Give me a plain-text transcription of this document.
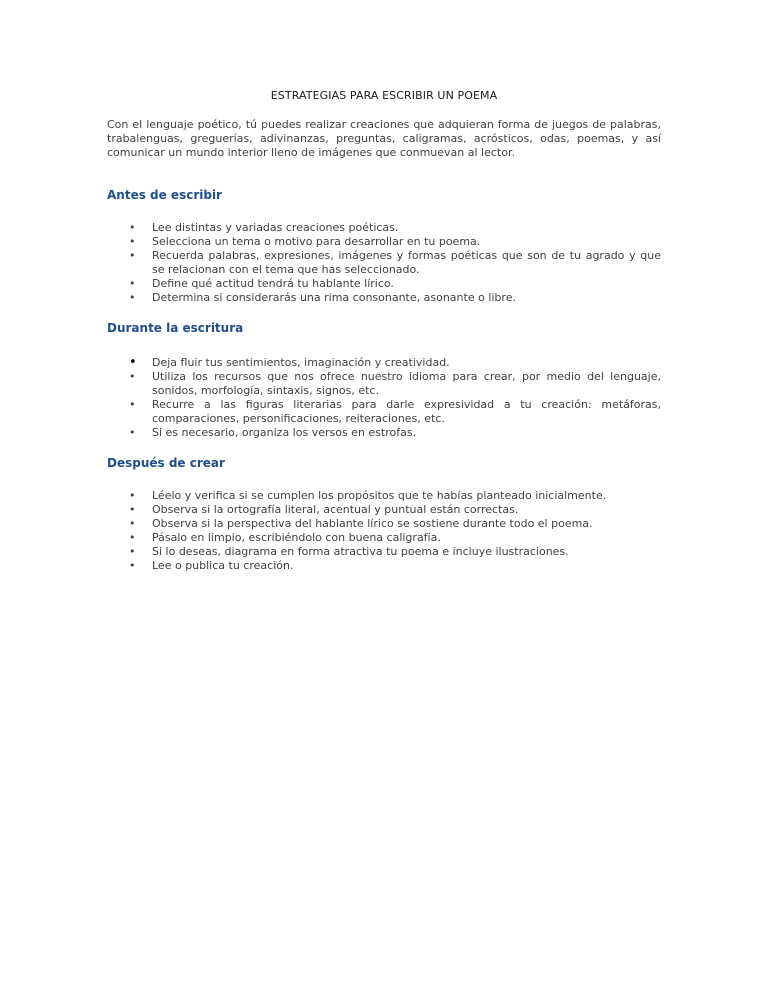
ESTRATEGIAS PARA ESCRIBIR UN POEMA
Con el lenguaje poético, tú puedes realizar creaciones que adquieran forma de juegos de palabras, trabalenguas, greguerías, adivinanzas, preguntas, caligramas, acrósticos, odas, poemas, y así comunicar un mundo interior lleno de imágenes que conmuevan al lector.
Antes de escribir
•	Lee distintas y variadas creaciones poéticas.
•	Selecciona un tema o motivo para desarrollar en tu poema.
•	Recuerda palabras, expresiones, imágenes y formas poéticas que son de tu agrado y que se relacionan con el tema que has seleccionado.
•	Define qué actitud tendrá tu hablante lírico.
•	Determina si considerarás una rima consonante, asonante o libre.
Durante la escritura
•	Deja fluir tus sentimientos, imaginación y creatividad.
•	Utiliza los recursos que nos ofrece nuestro idioma para crear, por medio del lenguaje, sonidos, morfología, sintaxis, signos, etc.
•	Recurre a las figuras literarias para darle expresividad a tu creación: metáforas, comparaciones, personificaciones, reiteraciones, etc.
•	Si es necesario, organiza los versos en estrofas.
Después de crear
•	Léelo y verifica si se cumplen los propósitos que te habías planteado inicialmente.
•	Observa si la ortografía literal, acentual y puntual están correctas.
•	Observa si la perspectiva del hablante lírico se sostiene durante todo el poema.
•	Pásalo en limpio, escribiéndolo con buena caligrafía.
•	Si lo deseas, diagrama en forma atractiva tu poema e incluye ilustraciones.
•	Lee o publica tu creación.
